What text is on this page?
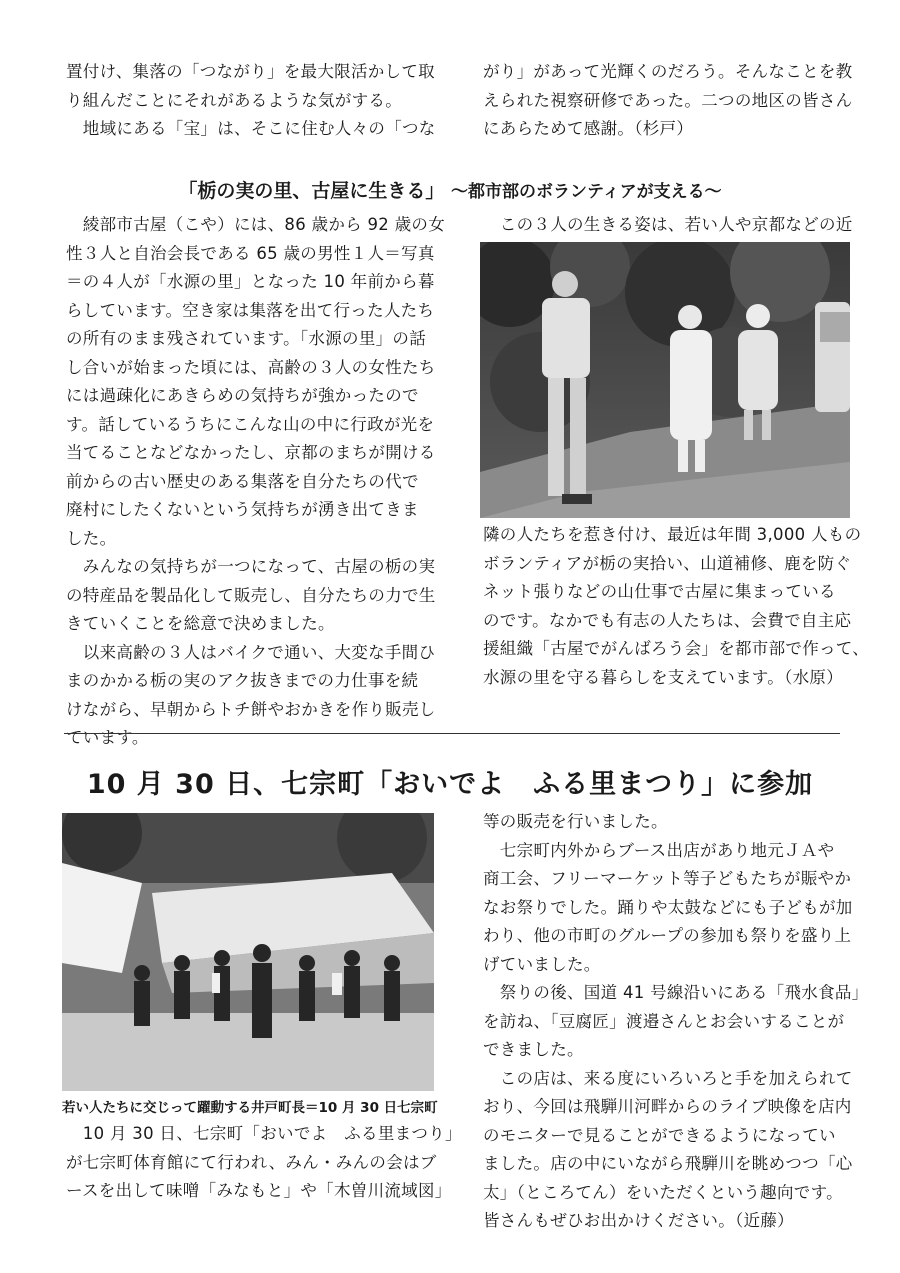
置付け、集落の「つながり」を最大限活かして取
り組んだことにそれがあるような気がする。
　地域にある「宝」は、そこに住む人々の「つな
がり」があって光輝くのだろう。そんなことを教
えられた視察研修であった。二つの地区の皆さん
にあらためて感謝。（杉戸）
「栃の実の里、古屋に生きる」 ～都市部のボランティアが支える～
　綾部市古屋（こや）には、86 歳から 92 歳の女
性３人と自治会長である 65 歳の男性１人＝写真
＝の４人が「水源の里」となった 10 年前から暮
らしています。空き家は集落を出て行った人たち
の所有のまま残されています。「水源の里」の話
し合いが始まった頃には、高齢の３人の女性たち
には過疎化にあきらめの気持ちが強かったので
す。話しているうちにこんな山の中に行政が光を
当てることなどなかったし、京都のまちが開ける
前からの古い歴史のある集落を自分たちの代で
廃村にしたくないという気持ちが湧き出てきま
した。
　みんなの気持ちが一つになって、古屋の栃の実
の特産品を製品化して販売し、自分たちの力で生
きていくことを総意で決めました。
　以来高齢の３人はバイクで通い、大変な手間ひ
まのかかる栃の実のアク抜きまでの力仕事を続
けながら、早朝からトチ餅やおかきを作り販売し
ています。
　この３人の生きる姿は、若い人や京都などの近
隣の人たちを惹き付け、最近は年間 3,000 人もの
ボランティアが栃の実拾い、山道補修、鹿を防ぐ
ネット張りなどの山仕事で古屋に集まっている
のです。なかでも有志の人たちは、会費で自主応
援組織「古屋でがんばろう会」を都市部で作って、
水源の里を守る暮らしを支えています。（水原）
10 月 30 日、七宗町「おいでよ　ふる里まつり」に参加

若い人たちに交じって躍動する井戸町長＝10 月 30 日七宗町

　10 月 30 日、七宗町「おいでよ　ふる里まつり」
が七宗町体育館にて行われ、みん・みんの会はブ
ースを出して味噌「みなもと」や「木曽川流域図」
等の販売を行いました。
　七宗町内外からブース出店があり地元ＪＡや
商工会、フリーマーケット等子どもたちが賑やか
なお祭りでした。踊りや太鼓などにも子どもが加
わり、他の市町のグループの参加も祭りを盛り上
げていました。
　祭りの後、国道 41 号線沿いにある「飛水食品」
を訪ね、「豆腐匠」渡邉さんとお会いすることが
できました。
　この店は、来る度にいろいろと手を加えられて
おり、今回は飛騨川河畔からのライブ映像を店内
のモニターで見ることができるようになってい
ました。店の中にいながら飛騨川を眺めつつ「心
太」（ところてん）をいただくという趣向です。
皆さんもぜひお出かけください。（近藤）
